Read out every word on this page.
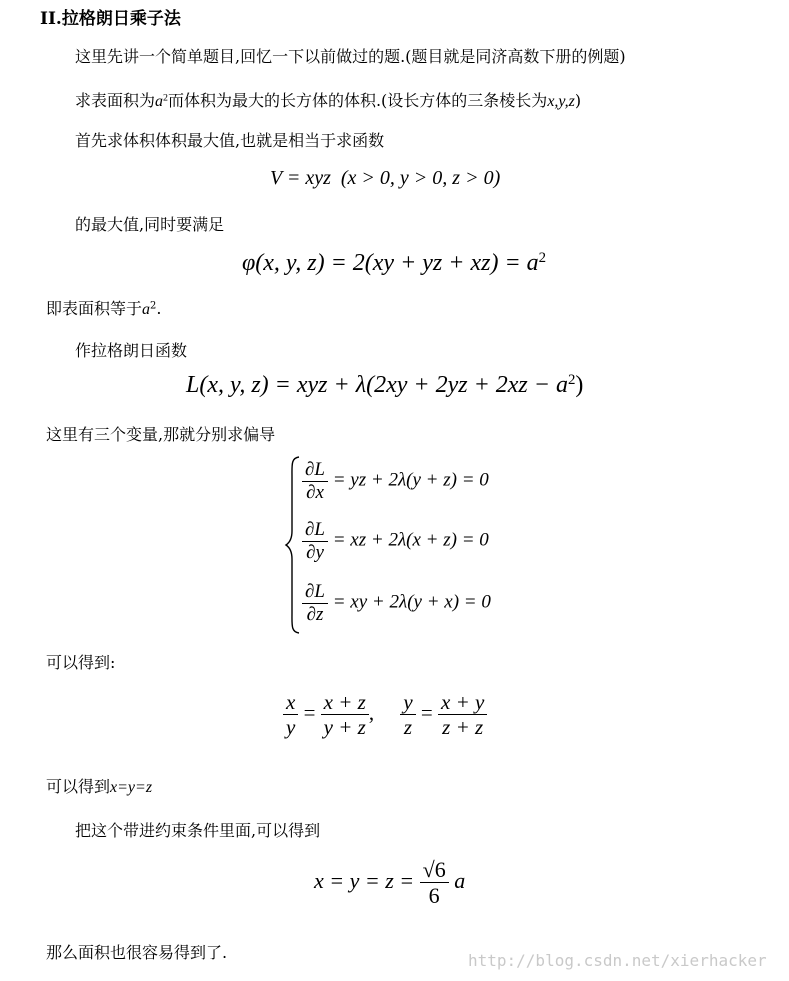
II.拉格朗日乘子法
这里先讲一个简单题目,回忆一下以前做过的题.(题目就是同济高数下册的例题)
求表面积为$a^2$而体积为最大的长方体的体积.(设长方体的三条棱长为x,y,z)
首先求体积体积最大值,也就是相当于求函数
V = xyz (x > 0, y > 0, z > 0)
的最大值,同时要满足
φ(x, y, z) = 2(xy + yz + $xz) = a^2$
即表面积等于$a^2$.
作拉格朗日函数
L(x, y, z) = xyz + $\lambda(2xy + 2yz + 2xz - a^2)$
这里有三个变量,那就分别求偏导
$\frac{\partial L}{\partial x}$ = yz + 2λ(y + z) = 0
$\frac{\partial L}{\partial y}$ = xz + 2λ(x + z) = 0
$\frac{\partial L}{\partial z}$ = xy + 2λ(y + x) = 0
可以得到:
$\frac{x}{y} = \frac{x + z}{y + z}$ , $\frac{y}{z} = \frac{x + y}{z + z}$
可以得到x=y=z
把这个带进约束条件里面,可以得到
$x = y = z = \frac{√6}{6}$ a
那么面积也很容易得到了.	http://blog.csdn.net/xierhacker
